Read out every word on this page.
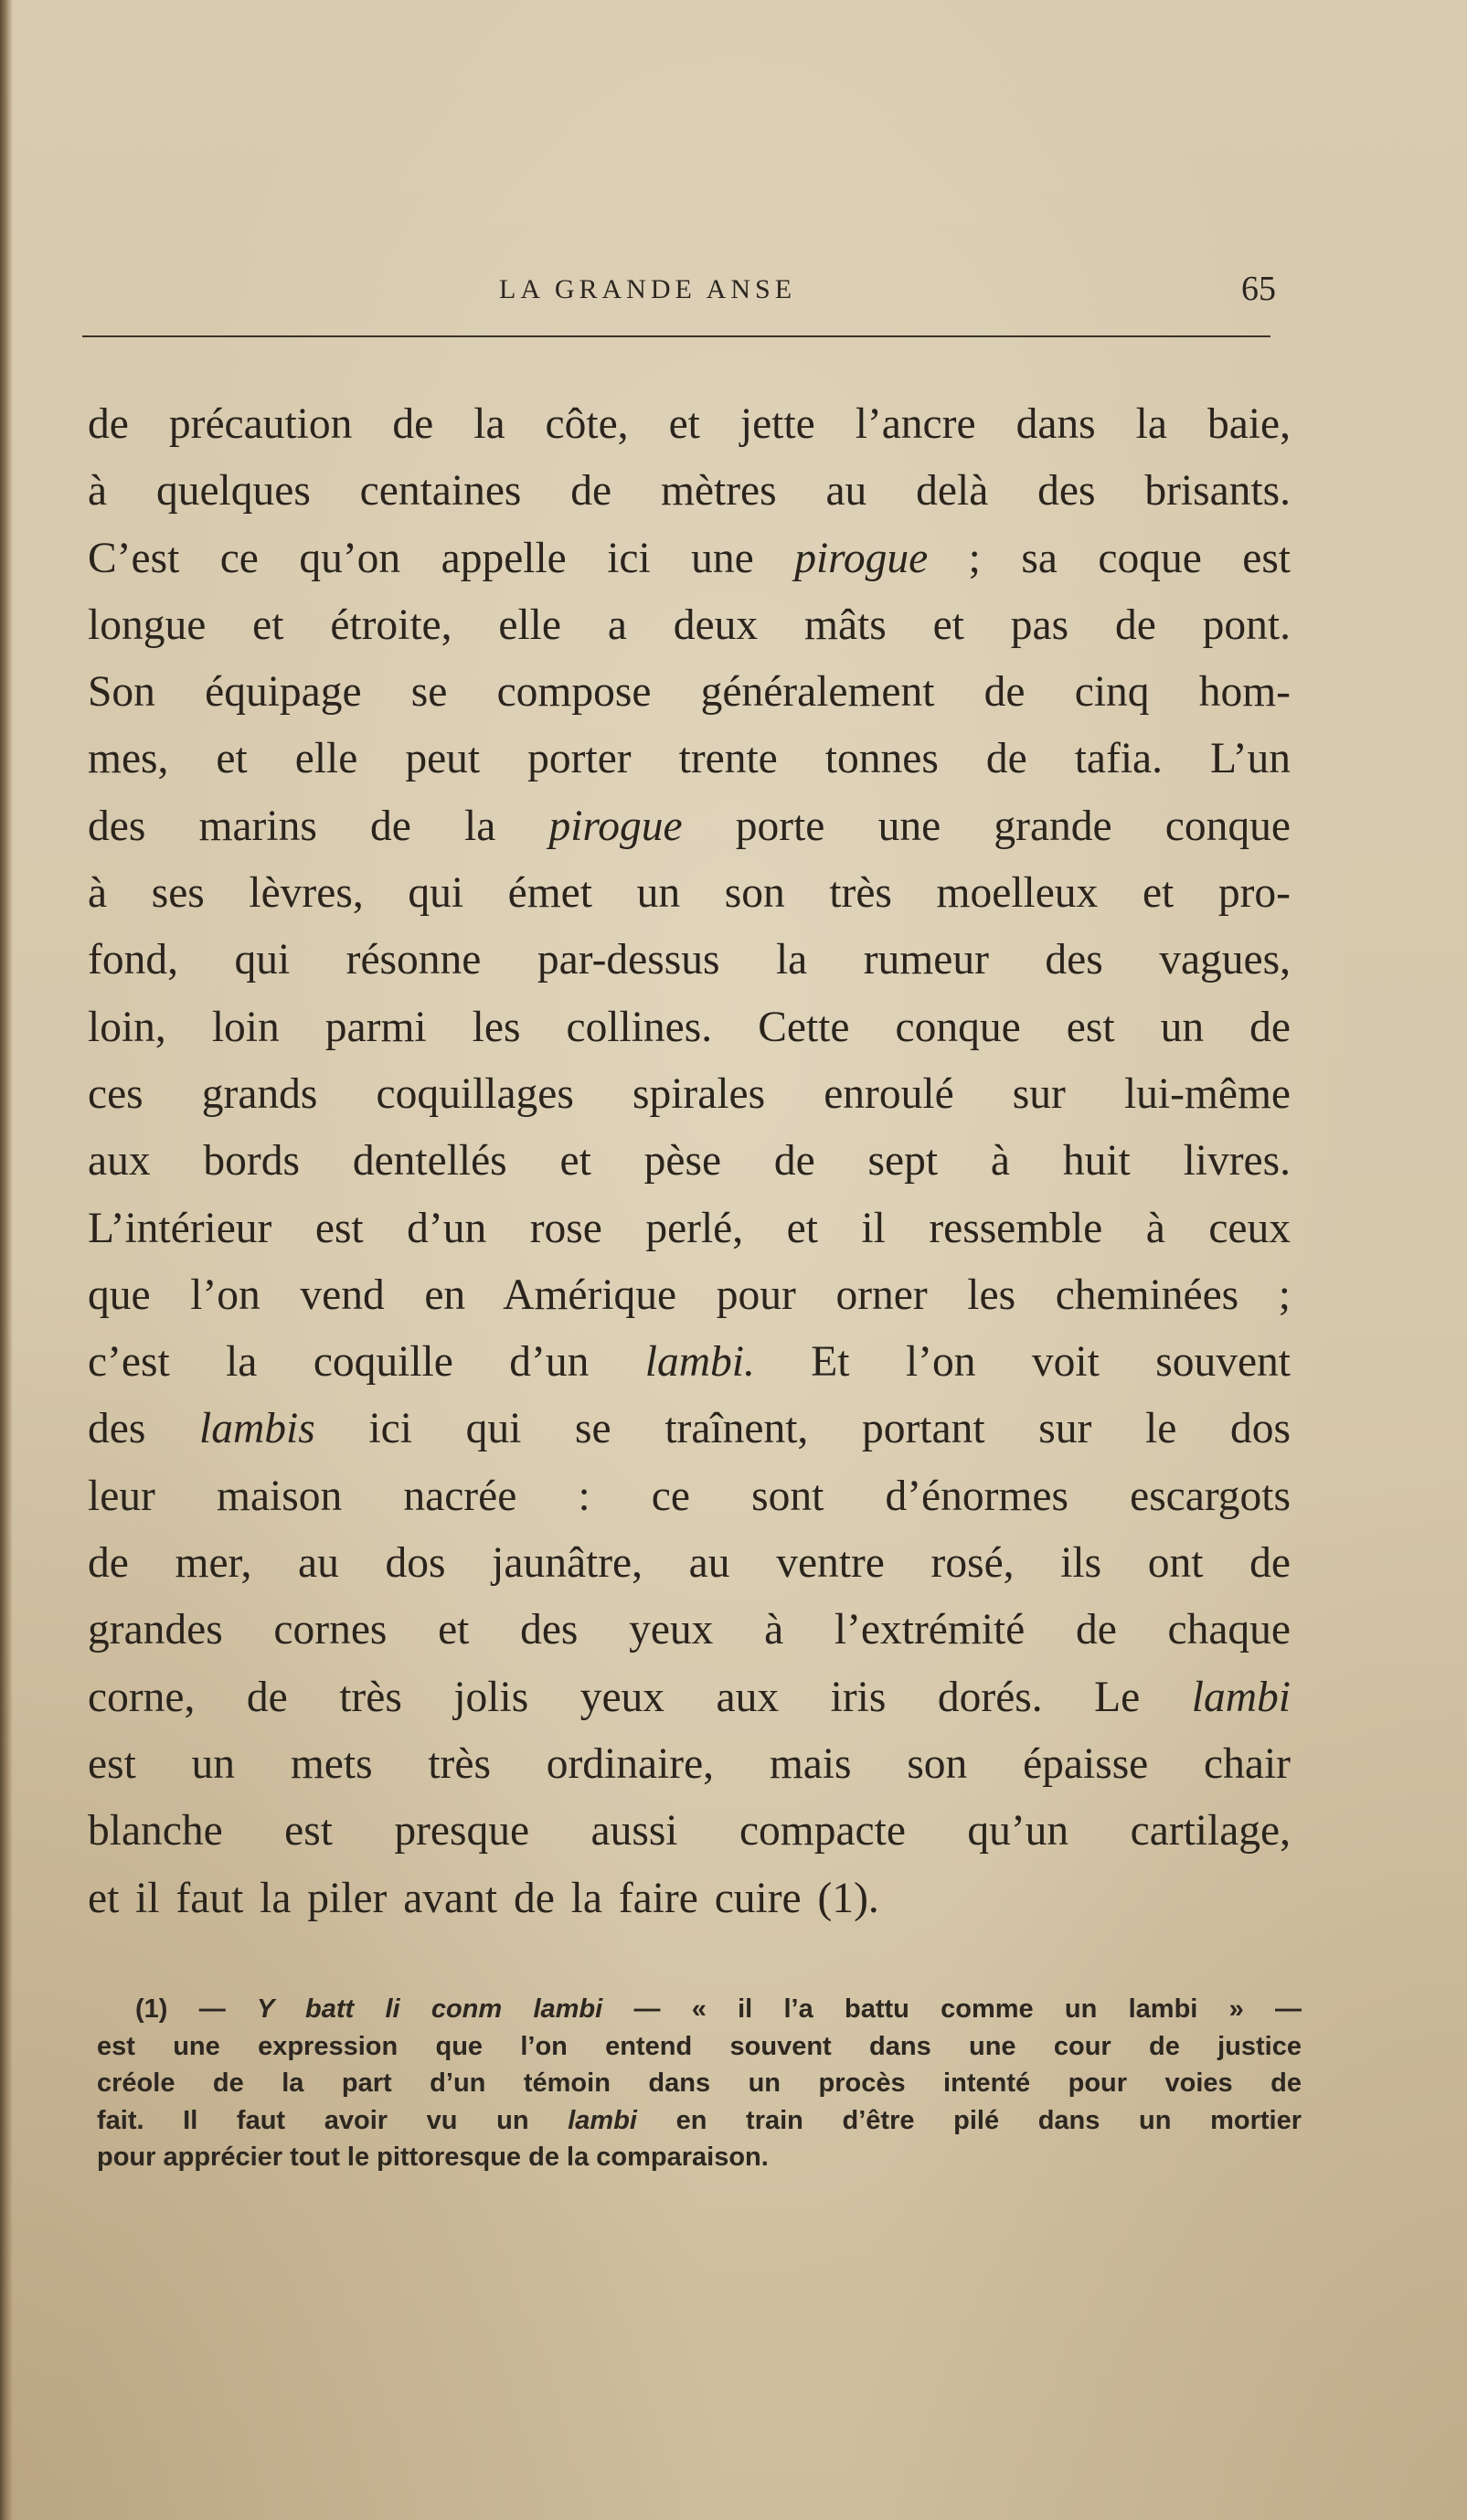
LA GRANDE ANSE	65
de précaution de la côte, et jette l’ancre dans la baie,
à quelques centaines de mètres au delà des brisants.
C’est ce qu’on appelle ici une pirogue ; sa coque est
longue et étroite, elle a deux mâts et pas de pont.
Son équipage se compose généralement de cinq hom-
mes, et elle peut porter trente tonnes de tafia. L’un
des marins de la pirogue porte une grande conque
à ses lèvres, qui émet un son très moelleux et pro-
fond, qui résonne par-dessus la rumeur des vagues,
loin, loin parmi les collines. Cette conque est un de
ces grands coquillages spirales enroulé sur lui-même
aux bords dentellés et pèse de sept à huit livres.
L’intérieur est d’un rose perlé, et il ressemble à ceux
que l’on vend en Amérique pour orner les cheminées ;
c’est la coquille d’un lambi. Et l’on voit souvent
des lambis ici qui se traînent, portant sur le dos
leur maison nacrée : ce sont d’énormes escargots
de mer, au dos jaunâtre, au ventre rosé, ils ont de
grandes cornes et des yeux à l’extrémité de chaque
corne, de très jolis yeux aux iris dorés. Le lambi
est un mets très ordinaire, mais son épaisse chair
blanche est presque aussi compacte qu’un cartilage,
et il faut la piler avant de la faire cuire (1).
(1) — Y batt li conm lambi — « il l’a battu comme un lambi » —
est une expression que l’on entend souvent dans une cour de justice
créole de la part d’un témoin dans un procès intenté pour voies de
fait. Il faut avoir vu un lambi en train d’être pilé dans un mortier
pour apprécier tout le pittoresque de la comparaison.
